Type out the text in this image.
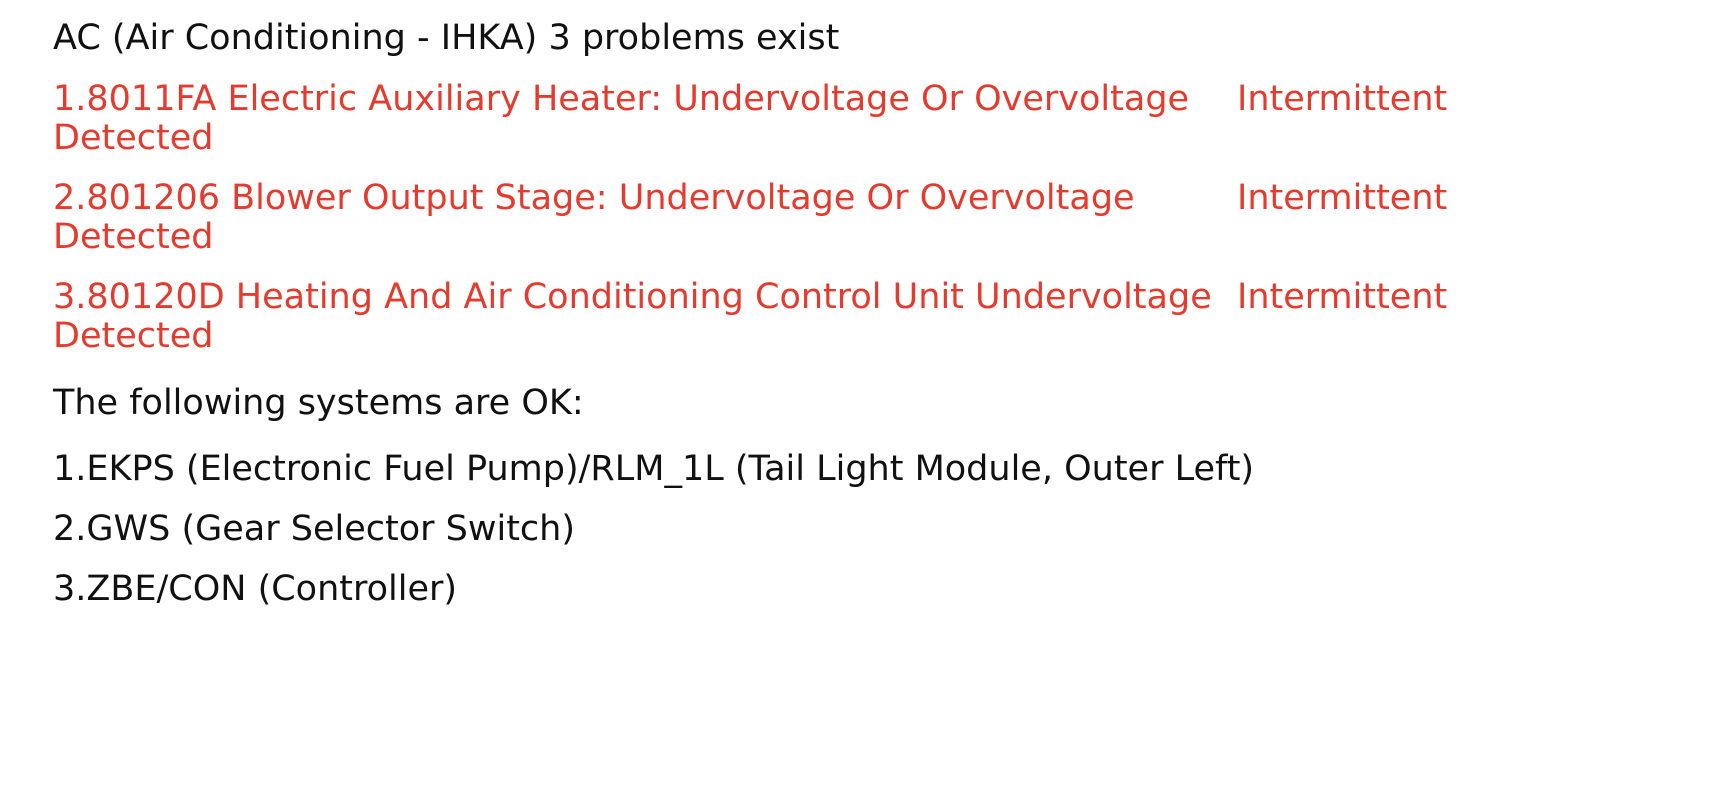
AC (Air Conditioning - IHKA) 3 problems exist
1.8011FA Electric Auxiliary Heater: Undervoltage Or Overvoltage Detected
Intermittent
2.801206 Blower Output Stage: Undervoltage Or Overvoltage Detected
Intermittent
3.80120D Heating And Air Conditioning Control Unit Undervoltage Detected
Intermittent
The following systems are OK:
1.EKPS (Electronic Fuel Pump)/RLM_1L (Tail Light Module, Outer Left)
2.GWS (Gear Selector Switch)
3.ZBE/CON (Controller)
